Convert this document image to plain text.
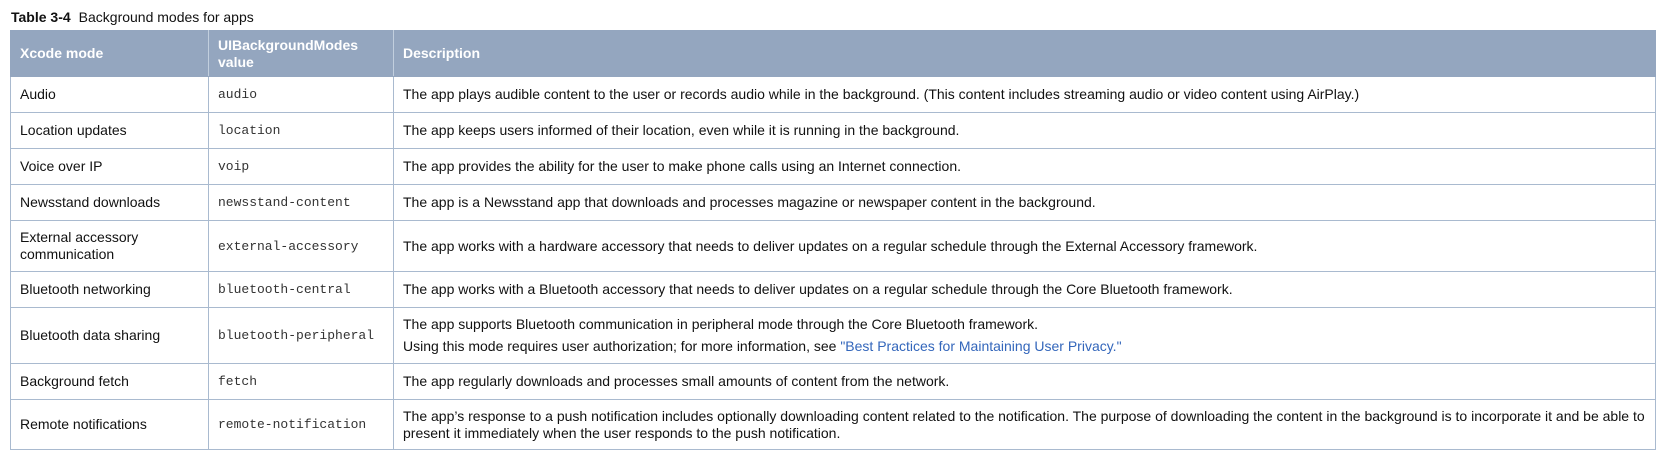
Table 3-4 Background modes for apps
Xcode mode	UIBackgroundModes value	Description
Audio	audio	The app plays audible content to the user or records audio while in the background. (This content includes streaming audio or video content using AirPlay.)
Location updates	location	The app keeps users informed of their location, even while it is running in the background.
Voice over IP	voip	The app provides the ability for the user to make phone calls using an Internet connection.
Newsstand downloads	newsstand-content	The app is a Newsstand app that downloads and processes magazine or newspaper content in the background.
External accessory communication	external-accessory	The app works with a hardware accessory that needs to deliver updates on a regular schedule through the External Accessory framework.
Bluetooth networking	bluetooth-central	The app works with a Bluetooth accessory that needs to deliver updates on a regular schedule through the Core Bluetooth framework.
Bluetooth data sharing	bluetooth-peripheral	The app supports Bluetooth communication in peripheral mode through the Core Bluetooth framework.
Using this mode requires user authorization; for more information, see "Best Practices for Maintaining User Privacy."

Background fetch	fetch	The app regularly downloads and processes small amounts of content from the network.
Remote notifications	remote-notification	The app’s response to a push notification includes optionally downloading content related to the notification. The purpose of downloading the content in the background is to incorporate it and be able to present it immediately when the user responds to the push notification.
